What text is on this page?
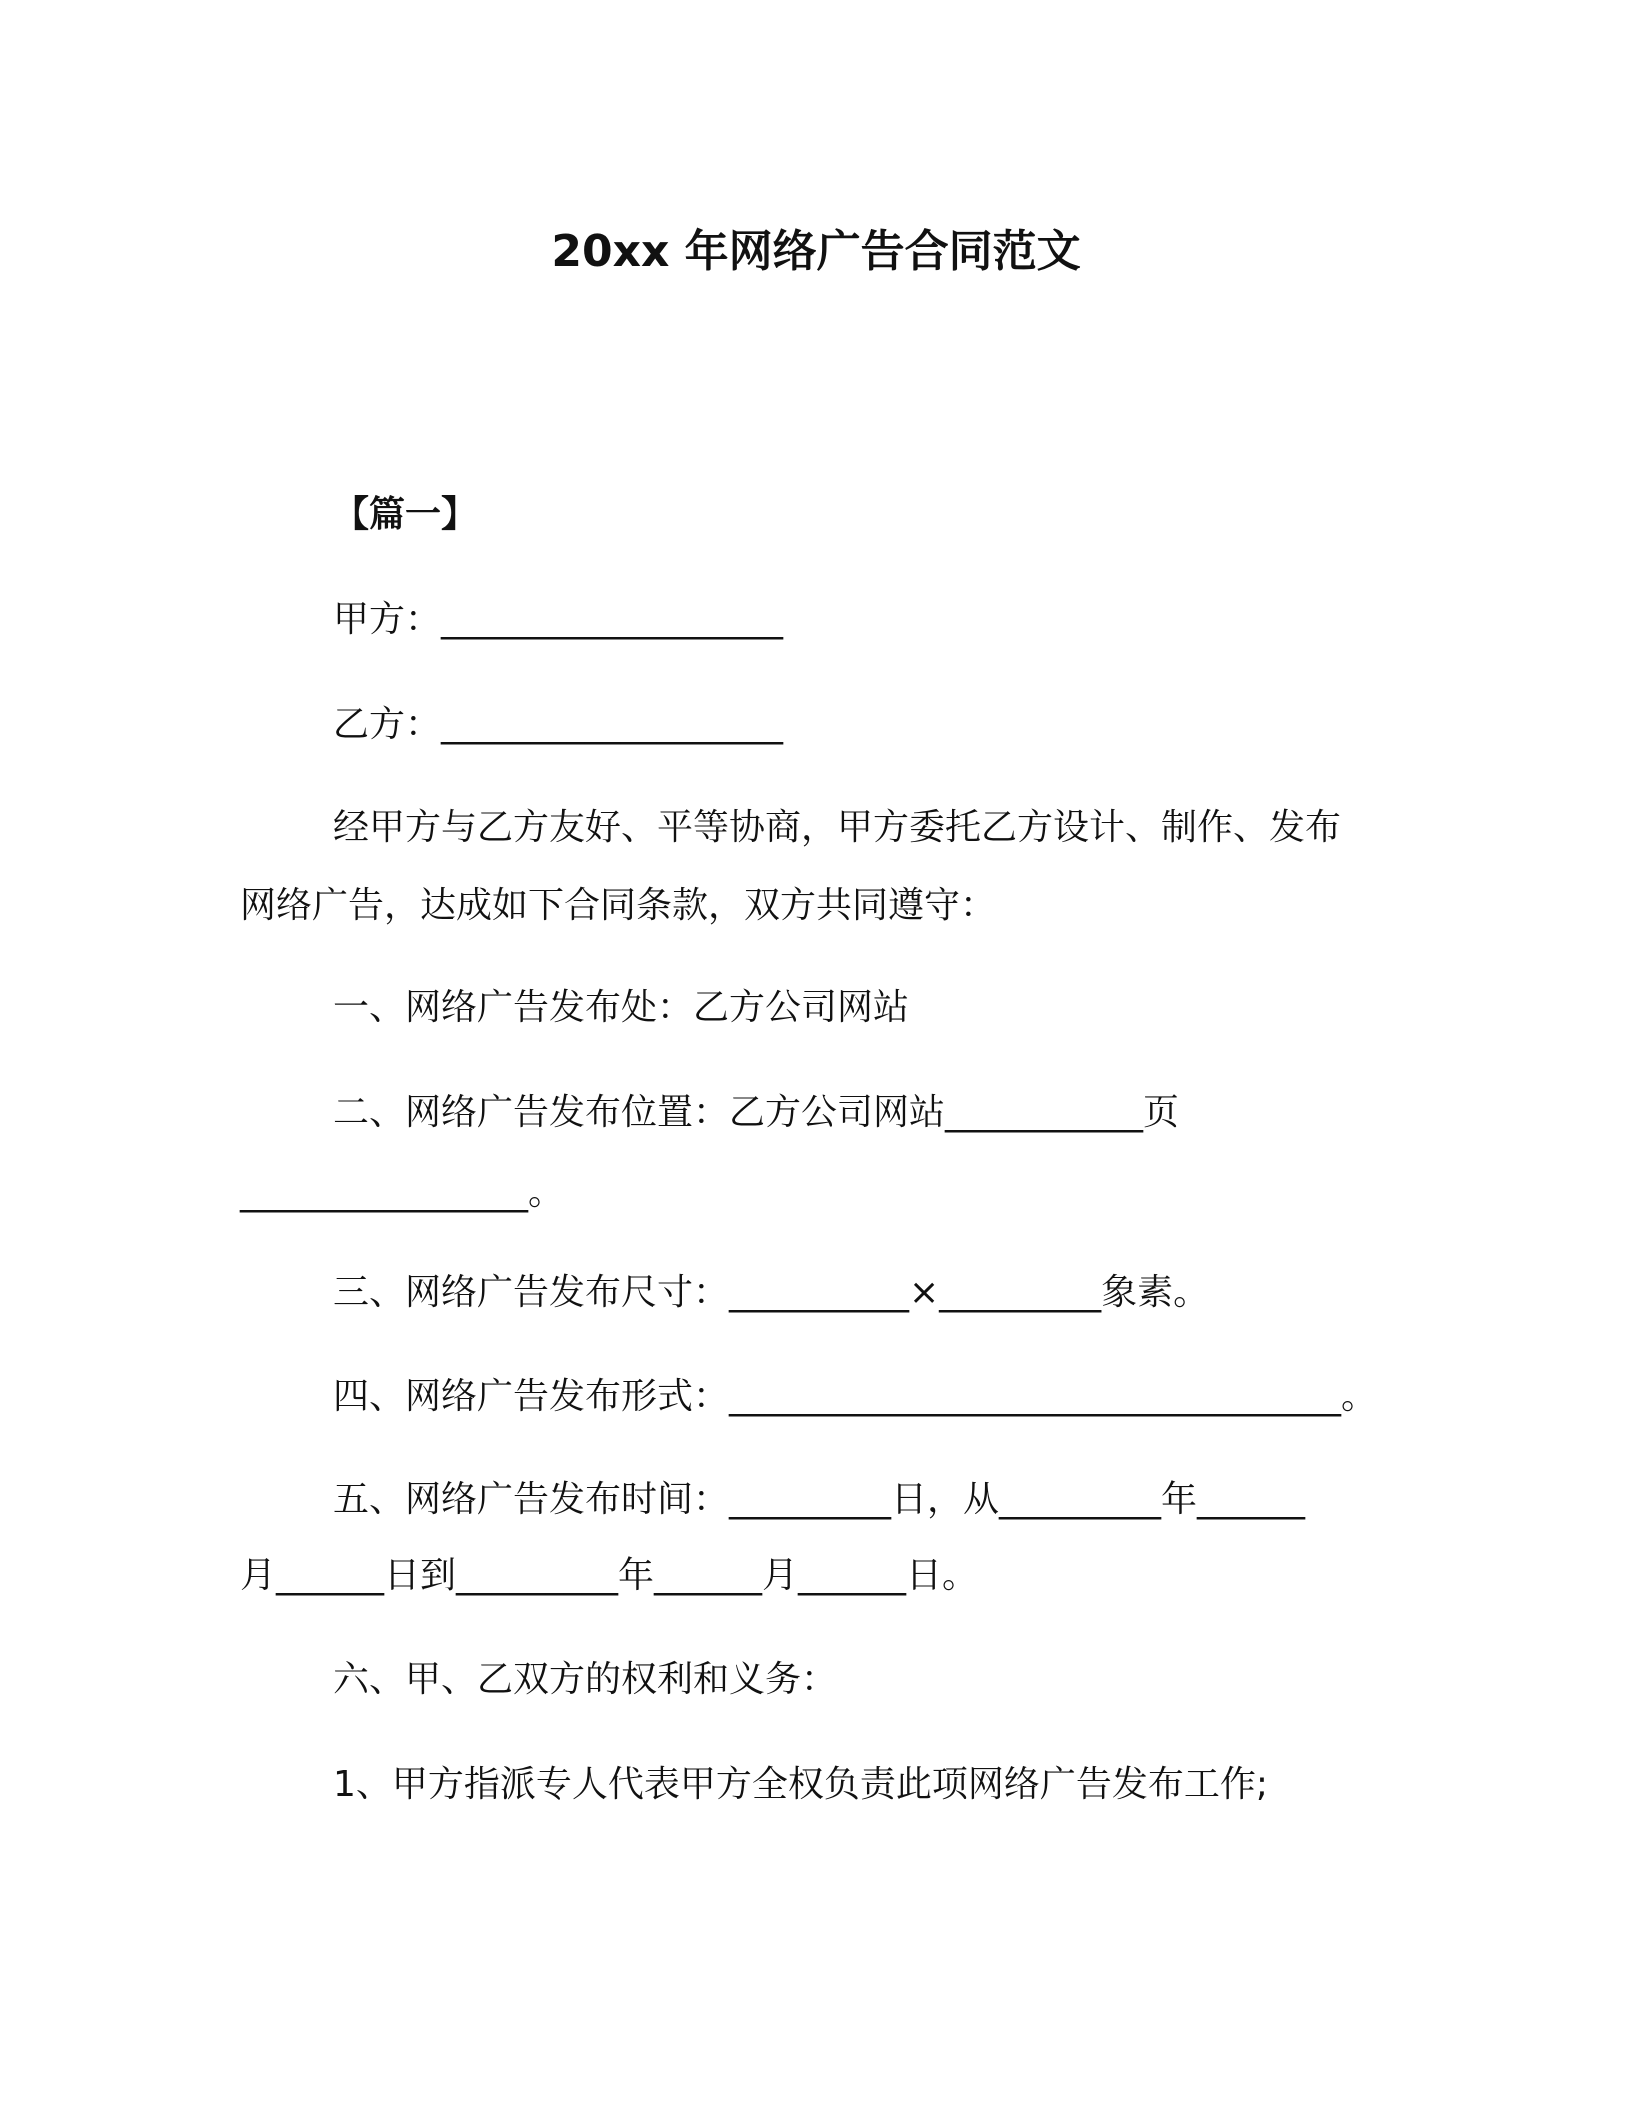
20xx 年网络广告合同范文
【篇一】
甲方：___________________
乙方：___________________
经甲方与乙方友好、平等协商，甲方委托乙方设计、制作、发布
网络广告，达成如下合同条款，双方共同遵守：
一、网络广告发布处：乙方公司网站
二、网络广告发布位置：乙方公司网站___________页
________________。
三、网络广告发布尺寸：__________×_________象素。
四、网络广告发布形式：__________________________________。
五、网络广告发布时间：_________日，从_________年______
月______日到_________年______月______日。
六、甲、乙双方的权利和义务：
1、甲方指派专人代表甲方全权负责此项网络广告发布工作;
